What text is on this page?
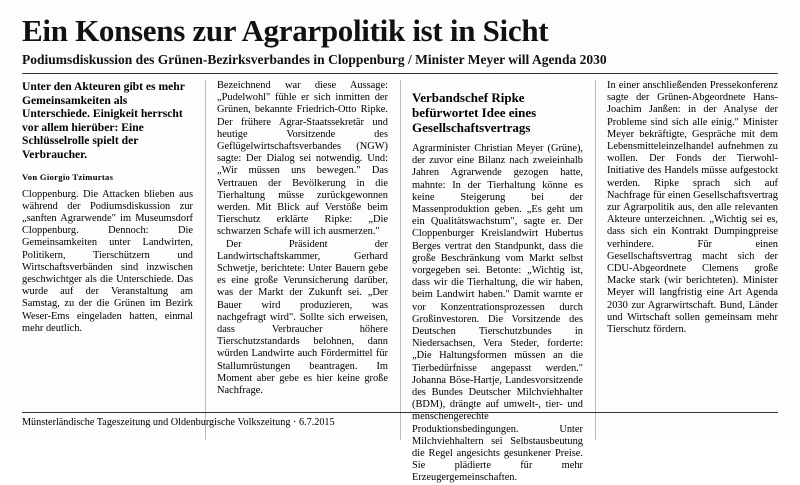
Ein Konsens zur Agrarpolitik ist in Sicht
Podiumsdiskussion des Grünen-Bezirksverbandes in Cloppenburg / Minister Meyer will Agenda 2030

Unter den Akteuren gibt es mehr Gemeinsamkeiten als Unterschiede. Einigkeit herrscht vor allem hierüber: Eine Schlüsselrolle spielt der Verbraucher.

Von Giorgio Tzimurtas

Cloppenburg. Die Attacken blieben aus während der Podiumsdiskussion zur „sanften Agrarwende" im Museumsdorf Cloppenburg. Dennoch: Die Gemeinsamkeiten unter Landwirten, Politikern, Tierschützern und Wirtschaftsverbänden sind inzwischen geschwichtger als die Unterschiede. Das wurde auf der Veranstaltung am Samstag, zu der die Grünen im Bezirk Weser-Ems eingeladen hatten, einmal mehr deutlich.

Bezeichnend war diese Aussage: „Pudelwohl" fühle er sich inmitten der Grünen, bekannte Friedrich-Otto Ripke. Der frühere Agrar-Staatssekretär und heutige Vorsitzende des Geflügelwirtschaftsverbandes (NGW) sagte: Der Dialog sei notwendig. Und: „Wir müssen uns bewegen." Das Vertrauen der Bevölkerung in die Tierhaltung müsse zurückgewonnen werden. Mit Blick auf Verstöße beim Tierschutz erklärte Ripke: „Die schwarzen Schafe will ich ausmerzen."

Der Präsident der Landwirtschaftskammer, Gerhard Schwetje, berichtete: Unter Bauern gebe es eine große Verunsicherung darüber, was der Markt der Zukunft sei. „Der Bauer wird produzieren, was nachgefragt wird". Sollte sich erweisen, dass Verbraucher höhere Tierschutzstandards belohnen, dann würden Landwirte auch Fördermittel für Stallumrüstungen beantragen. Im Moment aber gebe es hier keine große Nachfrage.

Verbandschef Ripke befürwortet Idee eines Gesellschaftsvertrags

Agrarminister Christian Meyer (Grüne), der zuvor eine Bilanz nach zweieinhalb Jahren Agrarwende gezogen hatte, mahnte: In der Tierhaltung könne es keine Steigerung bei der Massenproduktion geben. „Es geht um ein Qualitätswachstum", sagte er. Der Cloppenburger Kreislandwirt Hubertus Berges vertrat den Standpunkt, dass die große Beschränkung vom Markt selbst vorgegeben sei. Betonte: „Wichtig ist, dass wir die Tierhaltung, die wir haben, beim Landwirt haben." Damit warnte er vor Konzentrationsprozessen durch Großinvestoren. Die Vorsitzende des Deutschen Tierschutzbundes in Niedersachsen, Vera Steder, forderte: „Die Haltungsformen müssen an die Tierbedürfnisse angepasst werden." Johanna Böse-Hartje, Landesvorsitzende des Bundes Deutscher Milchviehhalter (BDM), drängte auf umwelt-, tier- und menschengerechte Produktionsbedingungen. Unter Milchviehhaltern sei Selbstausbeutung die Regel angesichts gesunkener Preise. Sie plädierte für mehr Erzeugergemeinschaften.

In einer anschließenden Pressekonferenz sagte der Grünen-Abgeordnete Hans-Joachim Janßen: in der Analyse der Probleme sind sich alle einig." Minister Meyer bekräftigte, Gespräche mit dem Lebensmitteleinzelhandel aufnehmen zu wollen. Der Fonds der Tierwohl-Initiative des Handels müsse aufgestockt werden. Ripke sprach sich auf Nachfrage für einen Gesellschaftsvertrag zur Agrarpolitik aus, den alle relevanten Akteure unterzeichnen. „Wichtig sei es, dass sich ein Kontrakt Dumpingpreise verhindere. Für einen Gesellschaftsvertrag macht sich der CDU-Abgeordnete Clemens große Macke stark (wir berichteten). Minister Meyer will langfristig eine Art Agenda 2030 zur Agrarwirtschaft. Bund, Länder und Wirtschaft sollen gemeinsam mehr Tierschutz fördern.

Münsterländische Tageszeitung und Oldenburgische Volkszeitung · 6.7.2015
